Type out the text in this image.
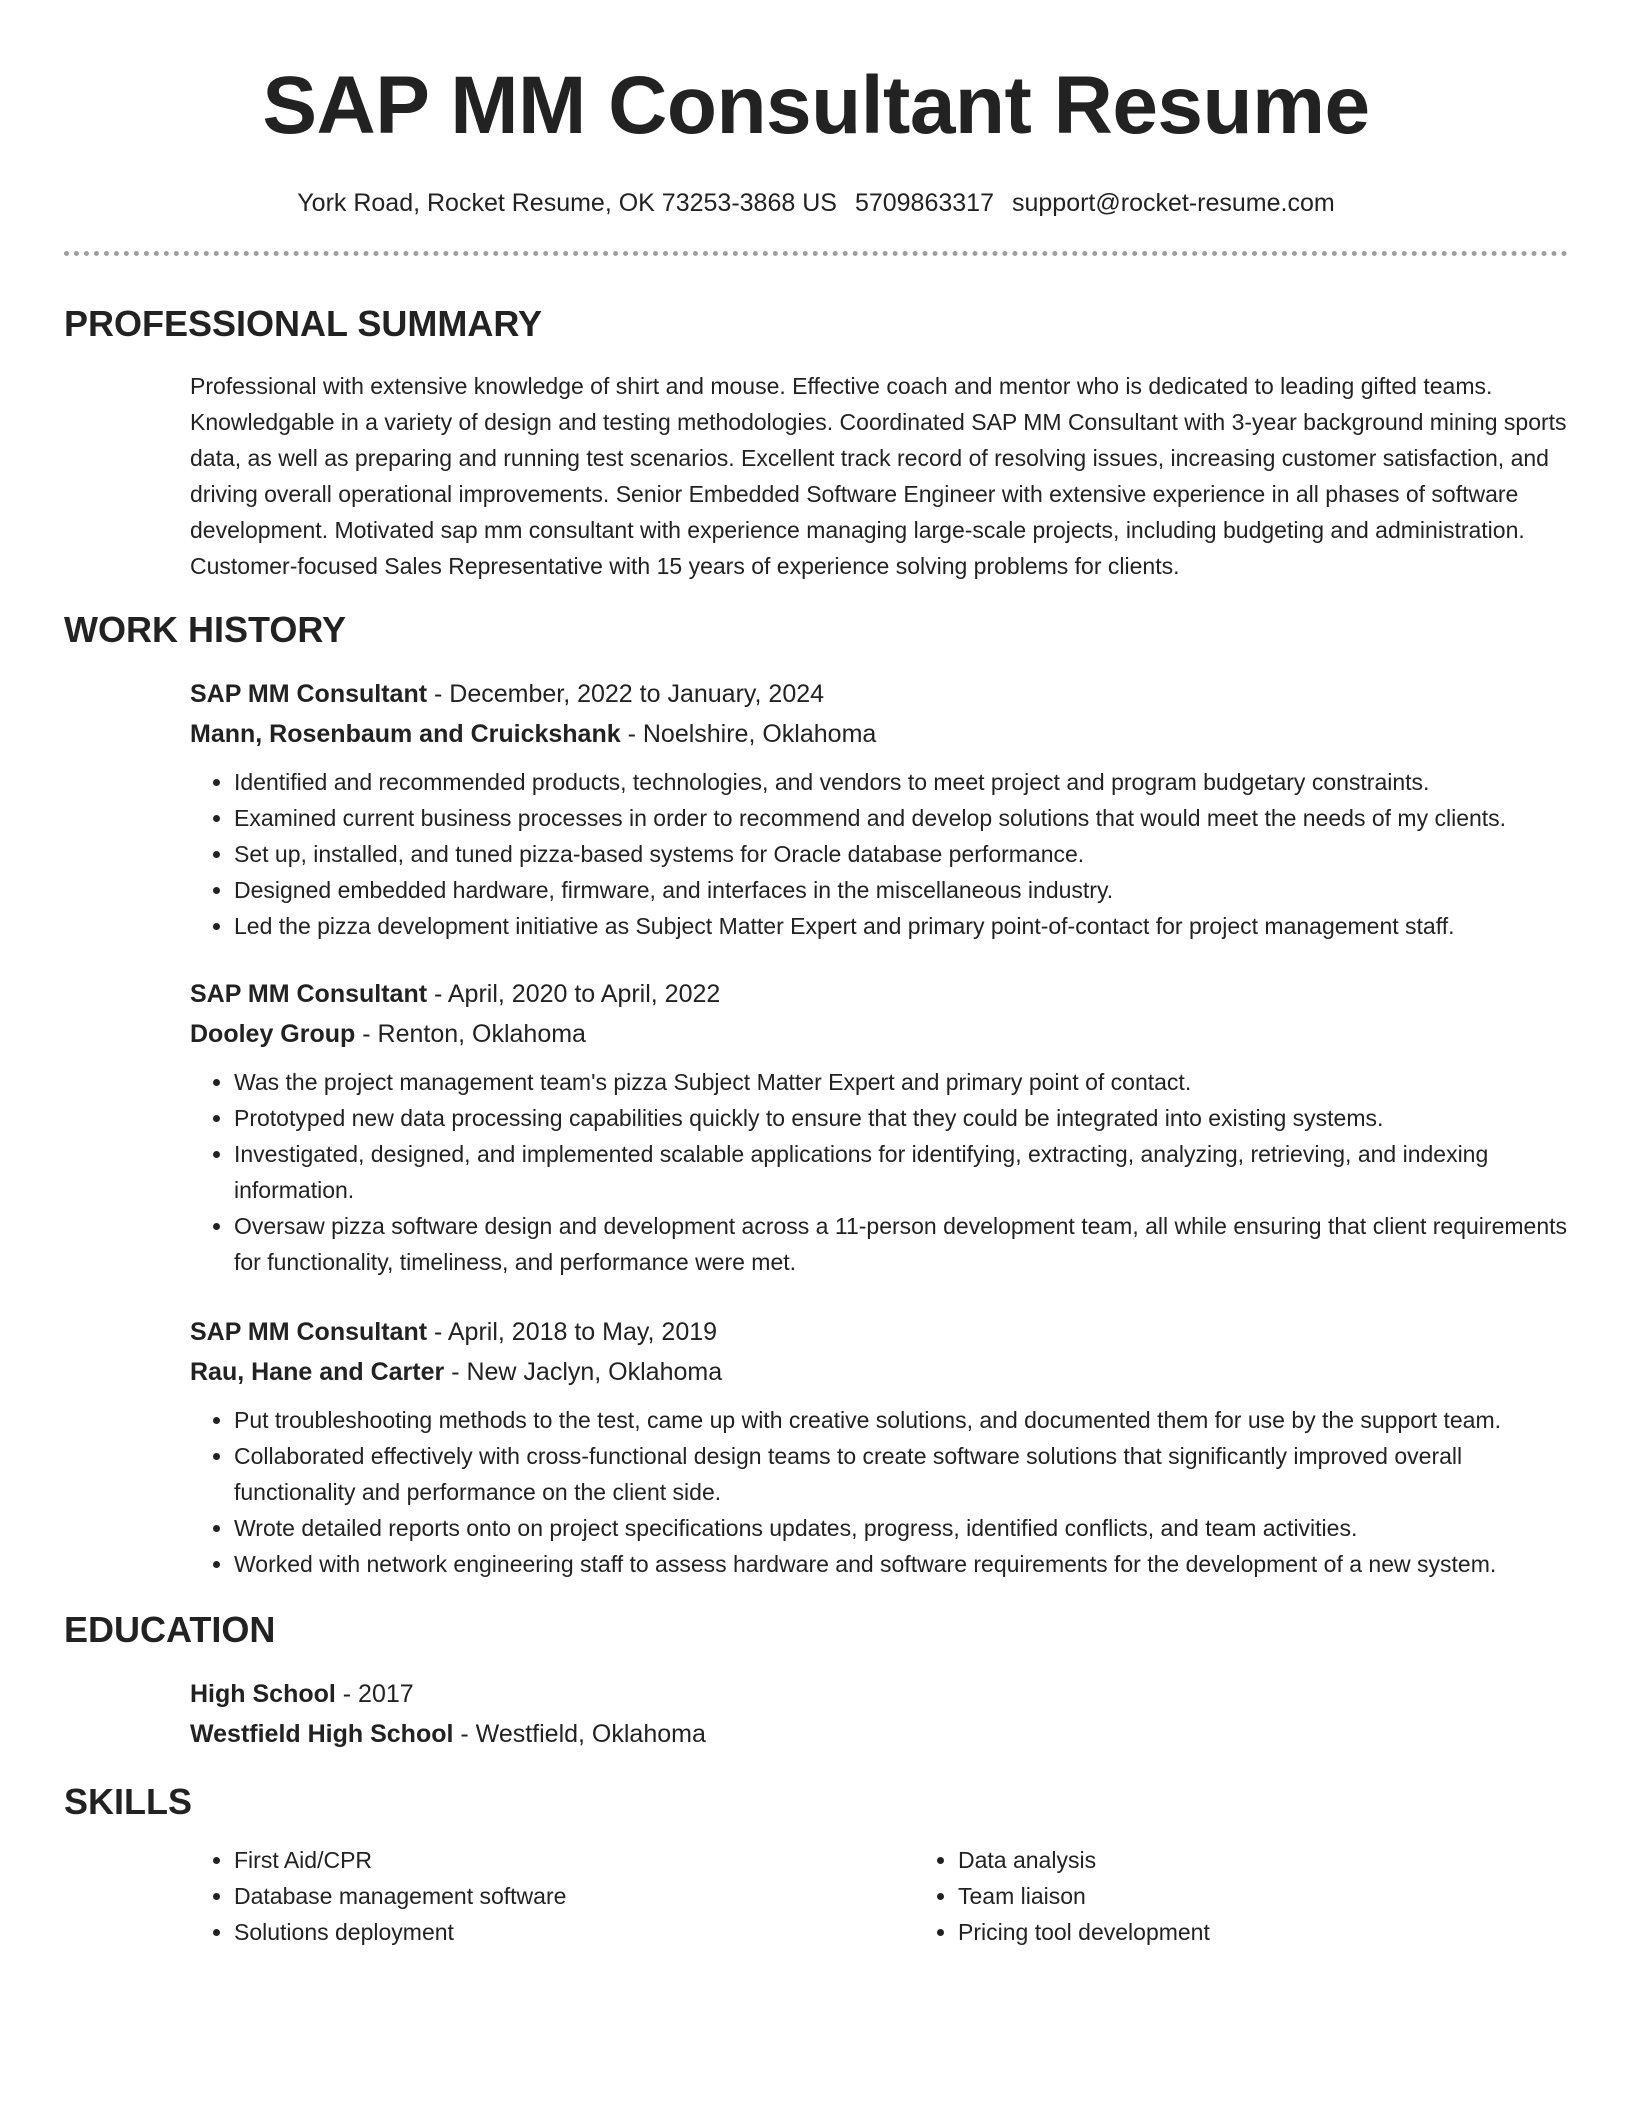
SAP MM Consultant Resume
York Road, Rocket Resume, OK 73253-3868 US 5709863317 support@rocket-resume.com
PROFESSIONAL SUMMARY
Professional with extensive knowledge of shirt and mouse. Effective coach and mentor who is dedicated to leading gifted teams. Knowledgable in a variety of design and testing methodologies. Coordinated SAP MM Consultant with 3-year background mining sports data, as well as preparing and running test scenarios. Excellent track record of resolving issues, increasing customer satisfaction, and driving overall operational improvements. Senior Embedded Software Engineer with extensive experience in all phases of software development. Motivated sap mm consultant with experience managing large-scale projects, including budgeting and administration. Customer-focused Sales Representative with 15 years of experience solving problems for clients.
WORK HISTORY
SAP MM Consultant - December, 2022 to January, 2024
Mann, Rosenbaum and Cruickshank - Noelshire, Oklahoma
• Identified and recommended products, technologies, and vendors to meet project and program budgetary constraints.
• Examined current business processes in order to recommend and develop solutions that would meet the needs of my clients.
• Set up, installed, and tuned pizza-based systems for Oracle database performance.
• Designed embedded hardware, firmware, and interfaces in the miscellaneous industry.
• Led the pizza development initiative as Subject Matter Expert and primary point-of-contact for project management staff.
SAP MM Consultant - April, 2020 to April, 2022
Dooley Group - Renton, Oklahoma
• Was the project management team's pizza Subject Matter Expert and primary point of contact.
• Prototyped new data processing capabilities quickly to ensure that they could be integrated into existing systems.
• Investigated, designed, and implemented scalable applications for identifying, extracting, analyzing, retrieving, and indexing information.
• Oversaw pizza software design and development across a 11-person development team, all while ensuring that client requirements for functionality, timeliness, and performance were met.
SAP MM Consultant - April, 2018 to May, 2019
Rau, Hane and Carter - New Jaclyn, Oklahoma
• Put troubleshooting methods to the test, came up with creative solutions, and documented them for use by the support team.
• Collaborated effectively with cross-functional design teams to create software solutions that significantly improved overall functionality and performance on the client side.
• Wrote detailed reports onto on project specifications updates, progress, identified conflicts, and team activities.
• Worked with network engineering staff to assess hardware and software requirements for the development of a new system.
EDUCATION
High School - 2017
Westfield High School - Westfield, Oklahoma
SKILLS
• First Aid/CPR
• Database management software
• Solutions deployment
• Data analysis
• Team liaison
• Pricing tool development
